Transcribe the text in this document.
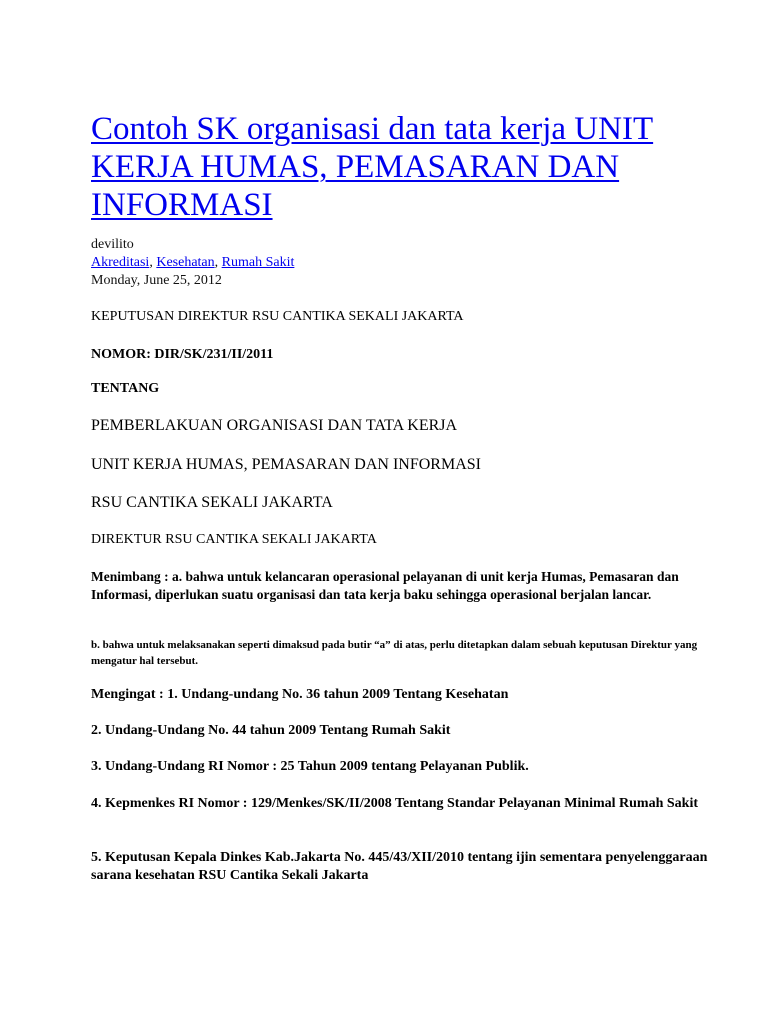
Contoh SK organisasi dan tata kerja UNIT KERJA HUMAS, PEMASARAN DAN INFORMASI
devilito
Akreditasi, Kesehatan, Rumah Sakit
Monday, June 25, 2012

KEPUTUSAN DIREKTUR RSU CANTIKA SEKALI JAKARTA

NOMOR: DIR/SK/231/II/2011

TENTANG

PEMBERLAKUAN ORGANISASI DAN TATA KERJA

UNIT KERJA HUMAS, PEMASARAN DAN INFORMASI

RSU CANTIKA SEKALI JAKARTA

DIREKTUR RSU CANTIKA SEKALI JAKARTA

Menimbang : a. bahwa untuk kelancaran operasional pelayanan di unit kerja Humas, Pemasaran dan Informasi, diperlukan suatu organisasi dan tata kerja baku sehingga operasional berjalan lancar.

b. bahwa untuk melaksanakan seperti dimaksud pada butir “a” di atas, perlu ditetapkan dalam sebuah keputusan Direktur yang mengatur hal tersebut.

Mengingat : 1. Undang-undang No. 36 tahun 2009 Tentang Kesehatan

2. Undang-Undang No. 44 tahun 2009 Tentang Rumah Sakit

3. Undang-Undang RI Nomor : 25 Tahun 2009 tentang Pelayanan Publik.

4. Kepmenkes RI Nomor : 129/Menkes/SK/II/2008 Tentang Standar Pelayanan Minimal Rumah Sakit

5. Keputusan Kepala Dinkes Kab.Jakarta No. 445/43/XII/2010 tentang ijin sementara penyelenggaraan sarana kesehatan RSU Cantika Sekali Jakarta
